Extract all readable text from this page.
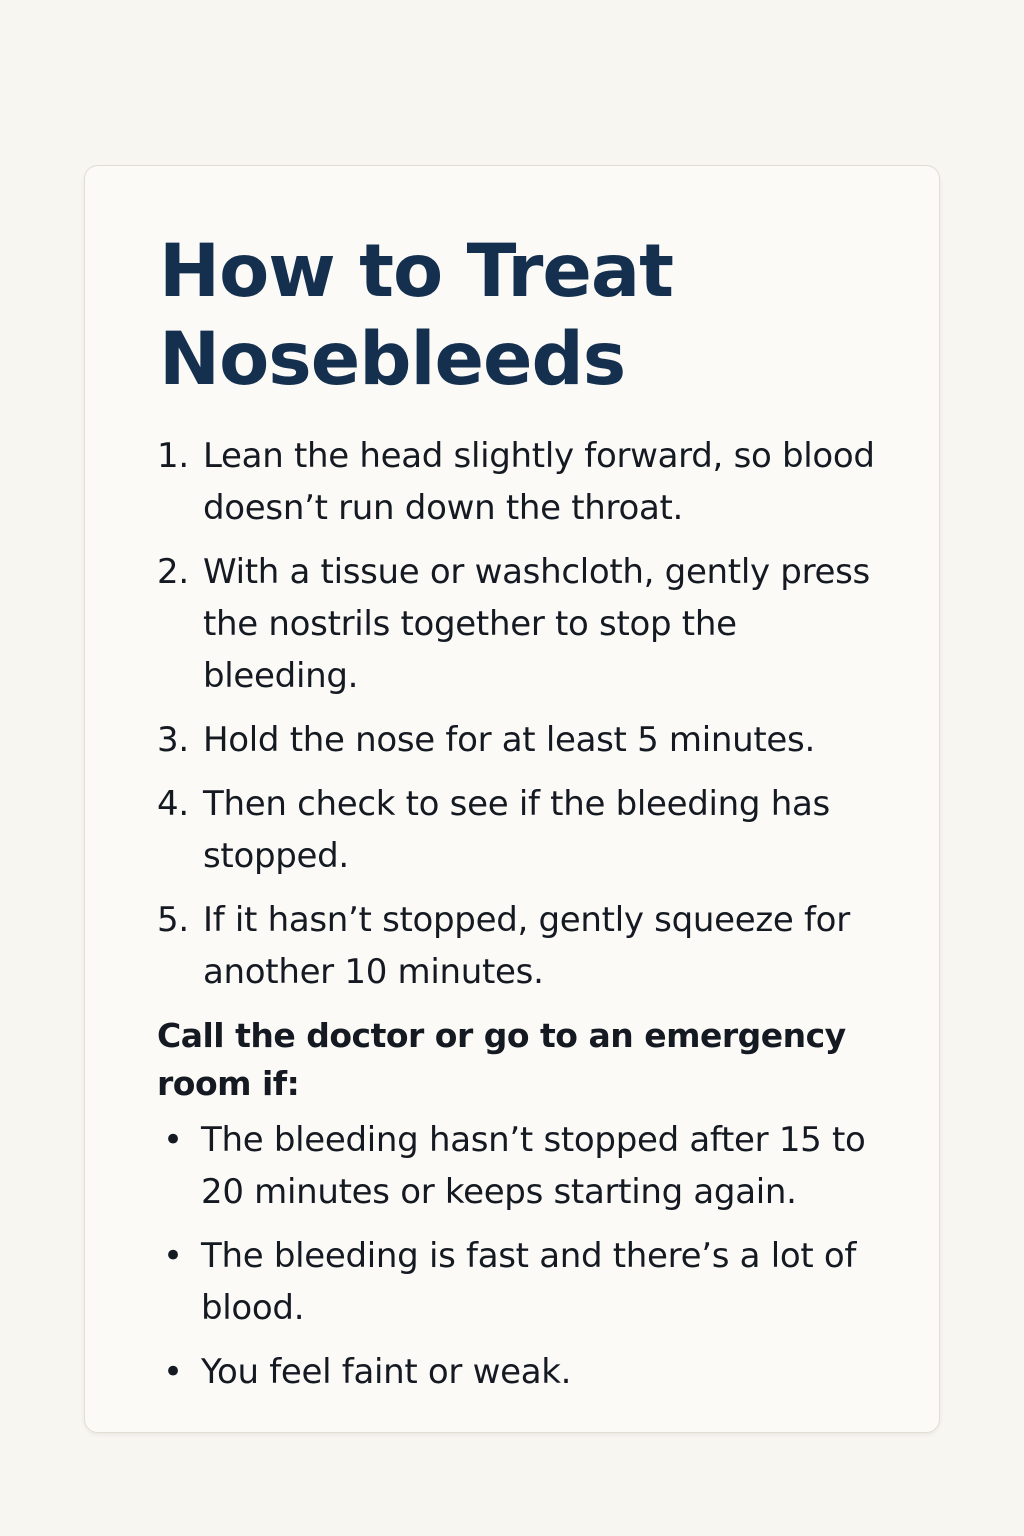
How to Treat Nosebleeds
1. Lean the head slightly forward, so blood doesn’t run down the throat.
2. With a tissue or washcloth, gently press the nostrils together to stop the bleeding.
3. Hold the nose for at least 5 minutes.
4. Then check to see if the bleeding has stopped.
5. If it hasn’t stopped, gently squeeze for another 10 minutes.
Call the doctor or go to an emergency room if:
• The bleeding hasn’t stopped after 15 to 20 minutes or keeps starting again.
• The bleeding is fast and there’s a lot of blood.
• You feel faint or weak.
